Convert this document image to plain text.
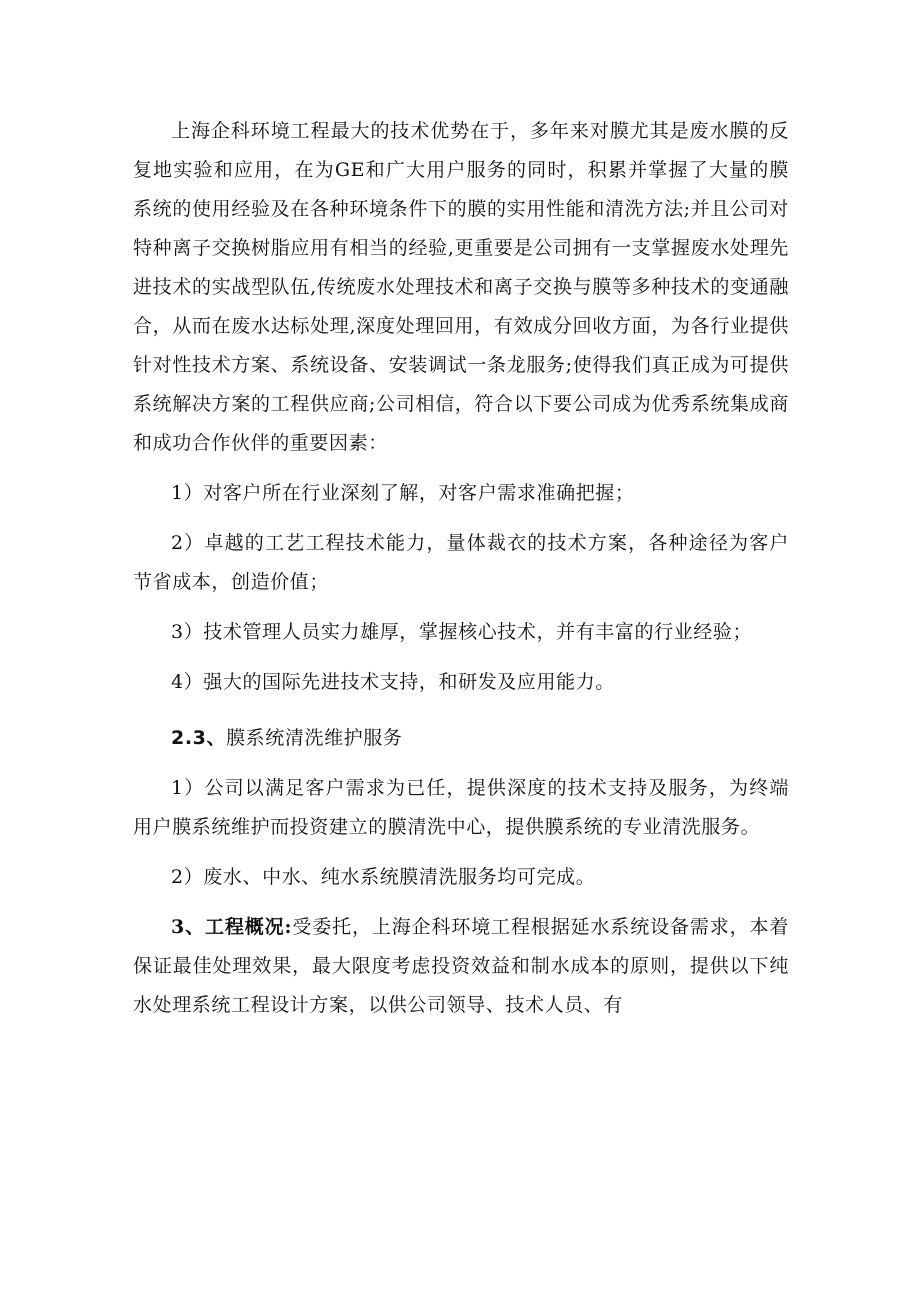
上海企科环境工程最大的技术优势在于，多年来对膜尤其是废水膜的反复地实验和应用，在为GE和广大用户服务的同时，积累并掌握了大量的膜系统的使用经验及在各种环境条件下的膜的实用性能和清洗方法;并且公司对特种离子交换树脂应用有相当的经验,更重要是公司拥有一支掌握废水处理先进技术的实战型队伍,传统废水处理技术和离子交换与膜等多种技术的变通融合，从而在废水达标处理,深度处理回用，有效成分回收方面，为各行业提供针对性技术方案、系统设备、安装调试一条龙服务;使得我们真正成为可提供系统解决方案的工程供应商;公司相信，符合以下要公司成为优秀系统集成商和成功合作伙伴的重要因素：

1）对客户所在行业深刻了解，对客户需求准确把握；

2）卓越的工艺工程技术能力，量体裁衣的技术方案，各种途径为客户节省成本，创造价值；

3）技术管理人员实力雄厚，掌握核心技术，并有丰富的行业经验；

4）强大的国际先进技术支持，和研发及应用能力。

2.3、膜系统清洗维护服务

1）公司以满足客户需求为已任，提供深度的技术支持及服务，为终端用户膜系统维护而投资建立的膜清洗中心，提供膜系统的专业清洗服务。

2）废水、中水、纯水系统膜清洗服务均可完成。

3、工程概况:受委托，上海企科环境工程根据延水系统设备需求，本着保证最佳处理效果，最大限度考虑投资效益和制水成本的原则，提供以下纯水处理系统工程设计方案，以供公司领导、技术人员、有
